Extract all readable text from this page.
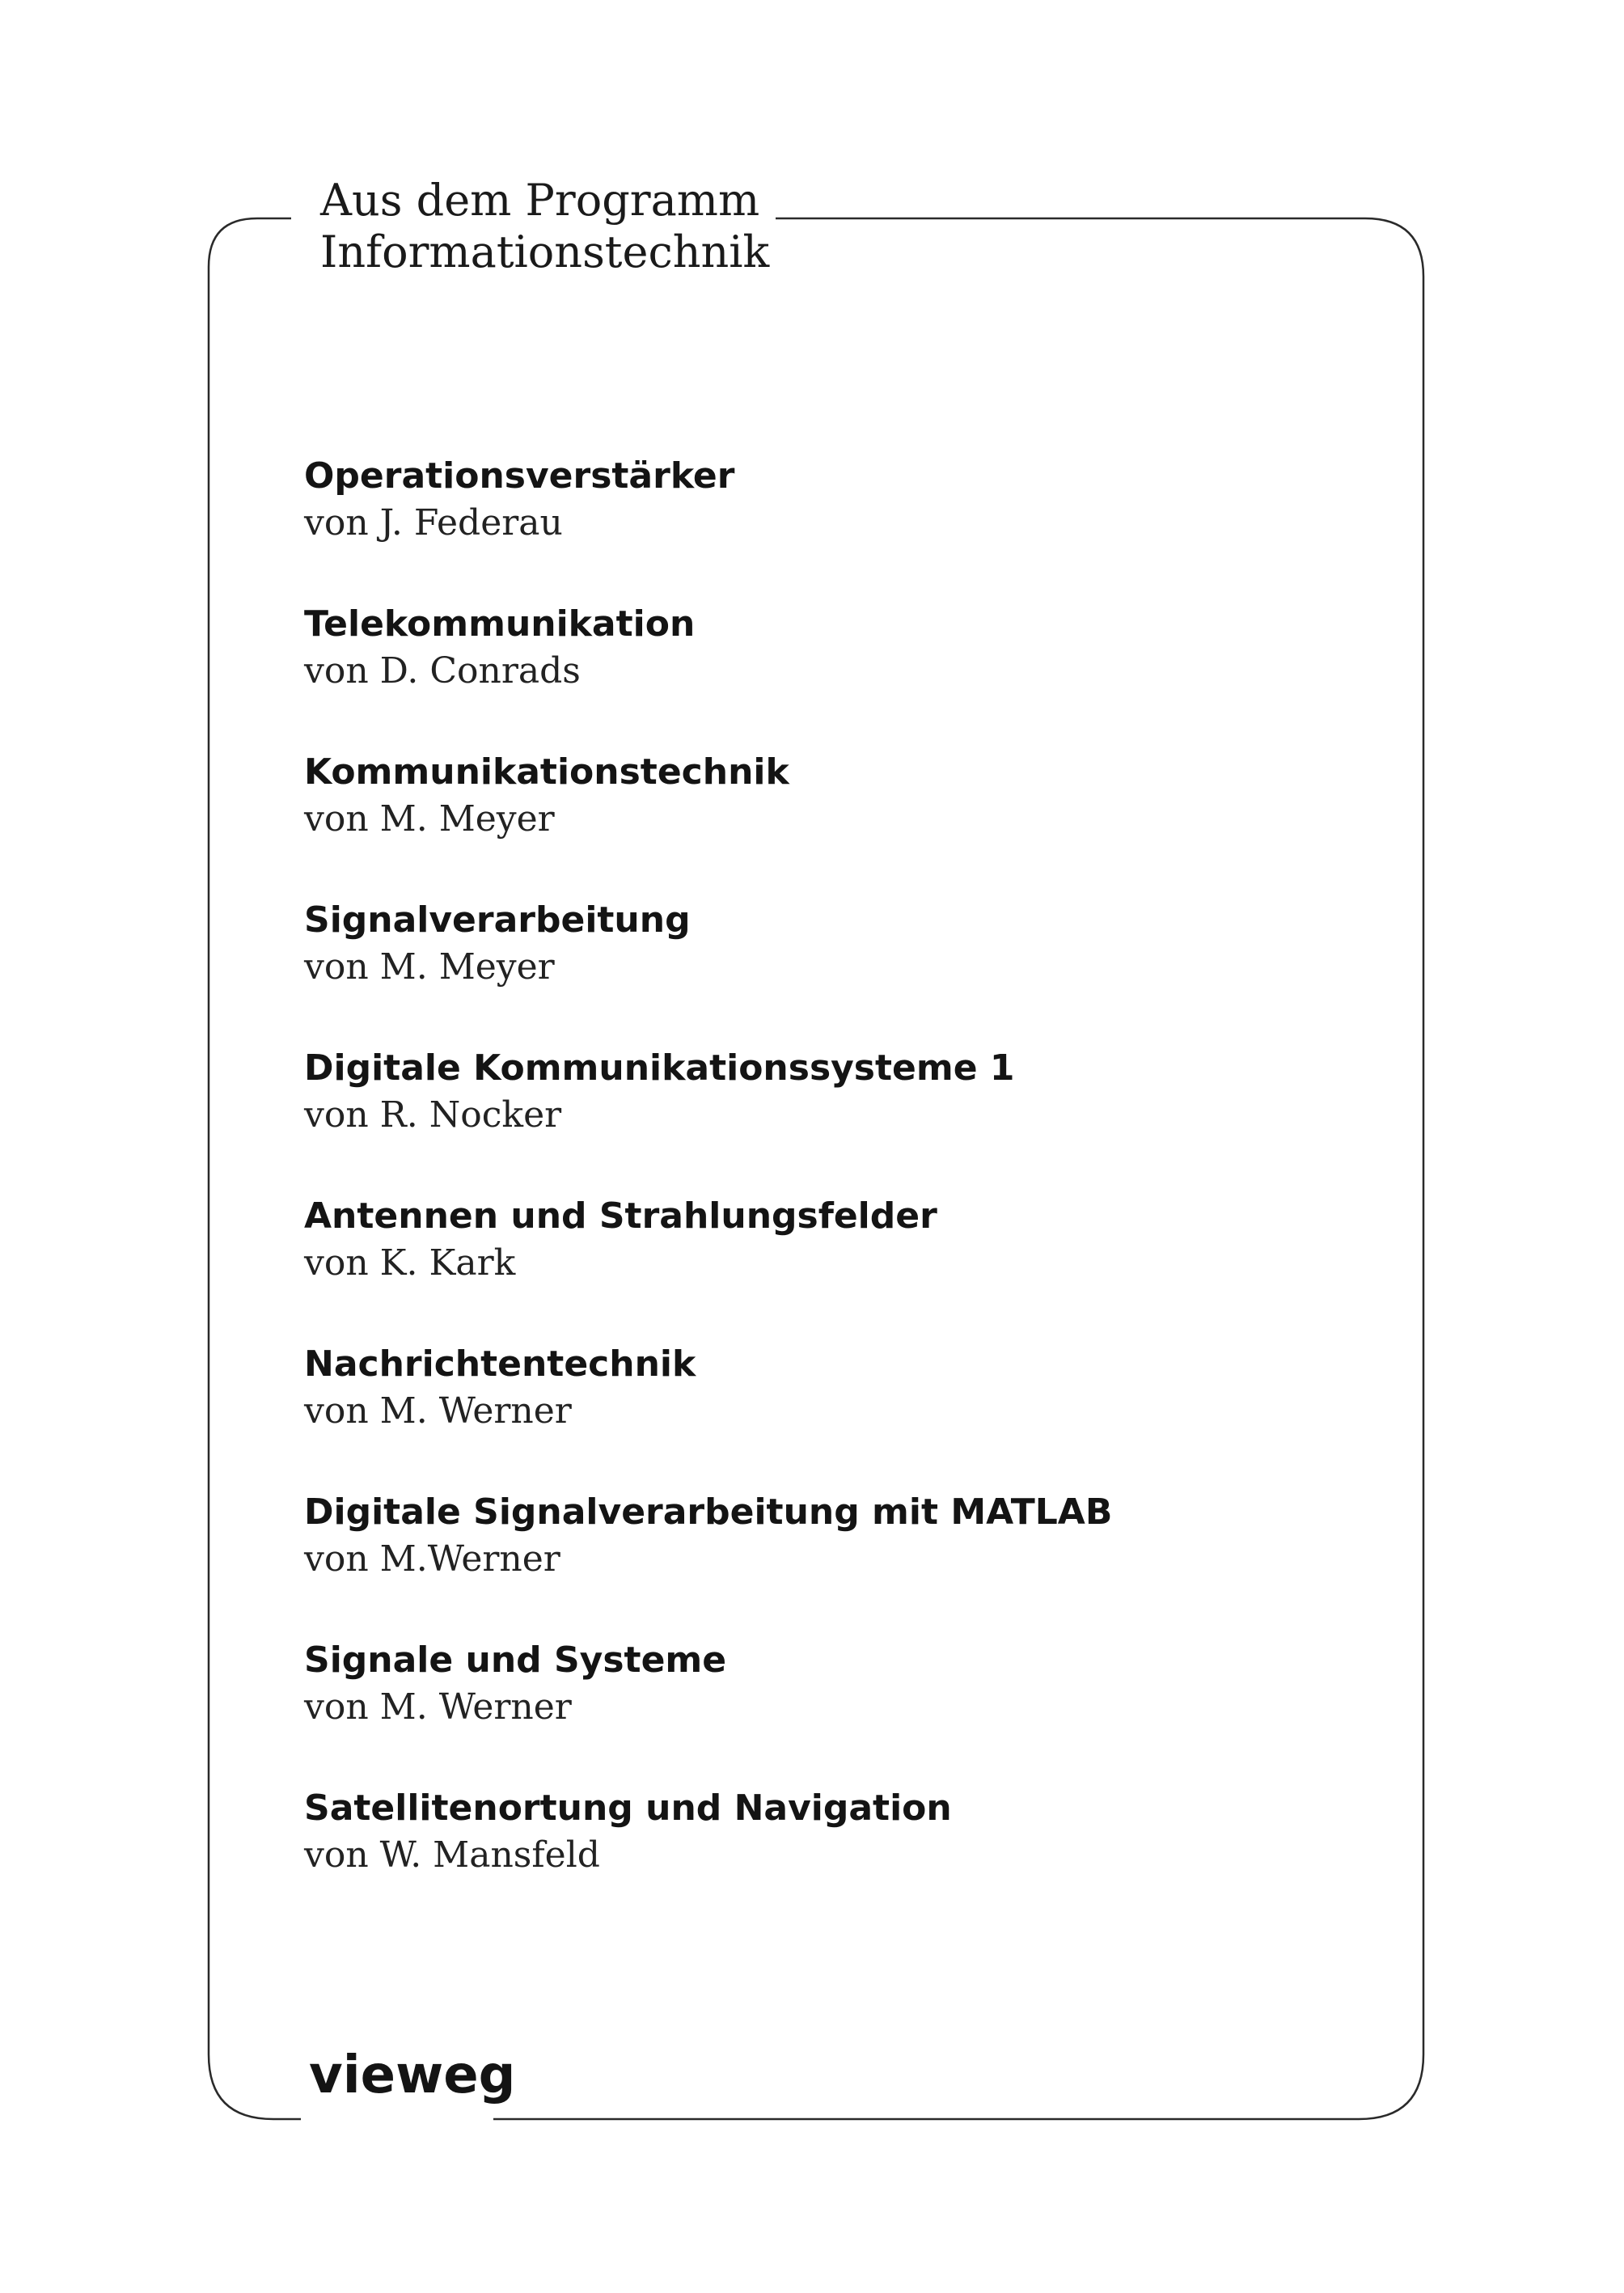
Aus dem Programm
Informationstechnik
Operationsverstärker
von J. Federau
Telekommunikation
von D. Conrads
Kommunikationstechnik
von M. Meyer
Signalverarbeitung
von M. Meyer
Digitale Kommunikationssysteme 1
von R. Nocker
Antennen und Strahlungsfelder
von K. Kark
Nachrichtentechnik
von M. Werner
Digitale Signalverarbeitung mit MATLAB
von M.Werner
Signale und Systeme
von M. Werner
Satellitenortung und Navigation
von W. Mansfeld
vieweg
